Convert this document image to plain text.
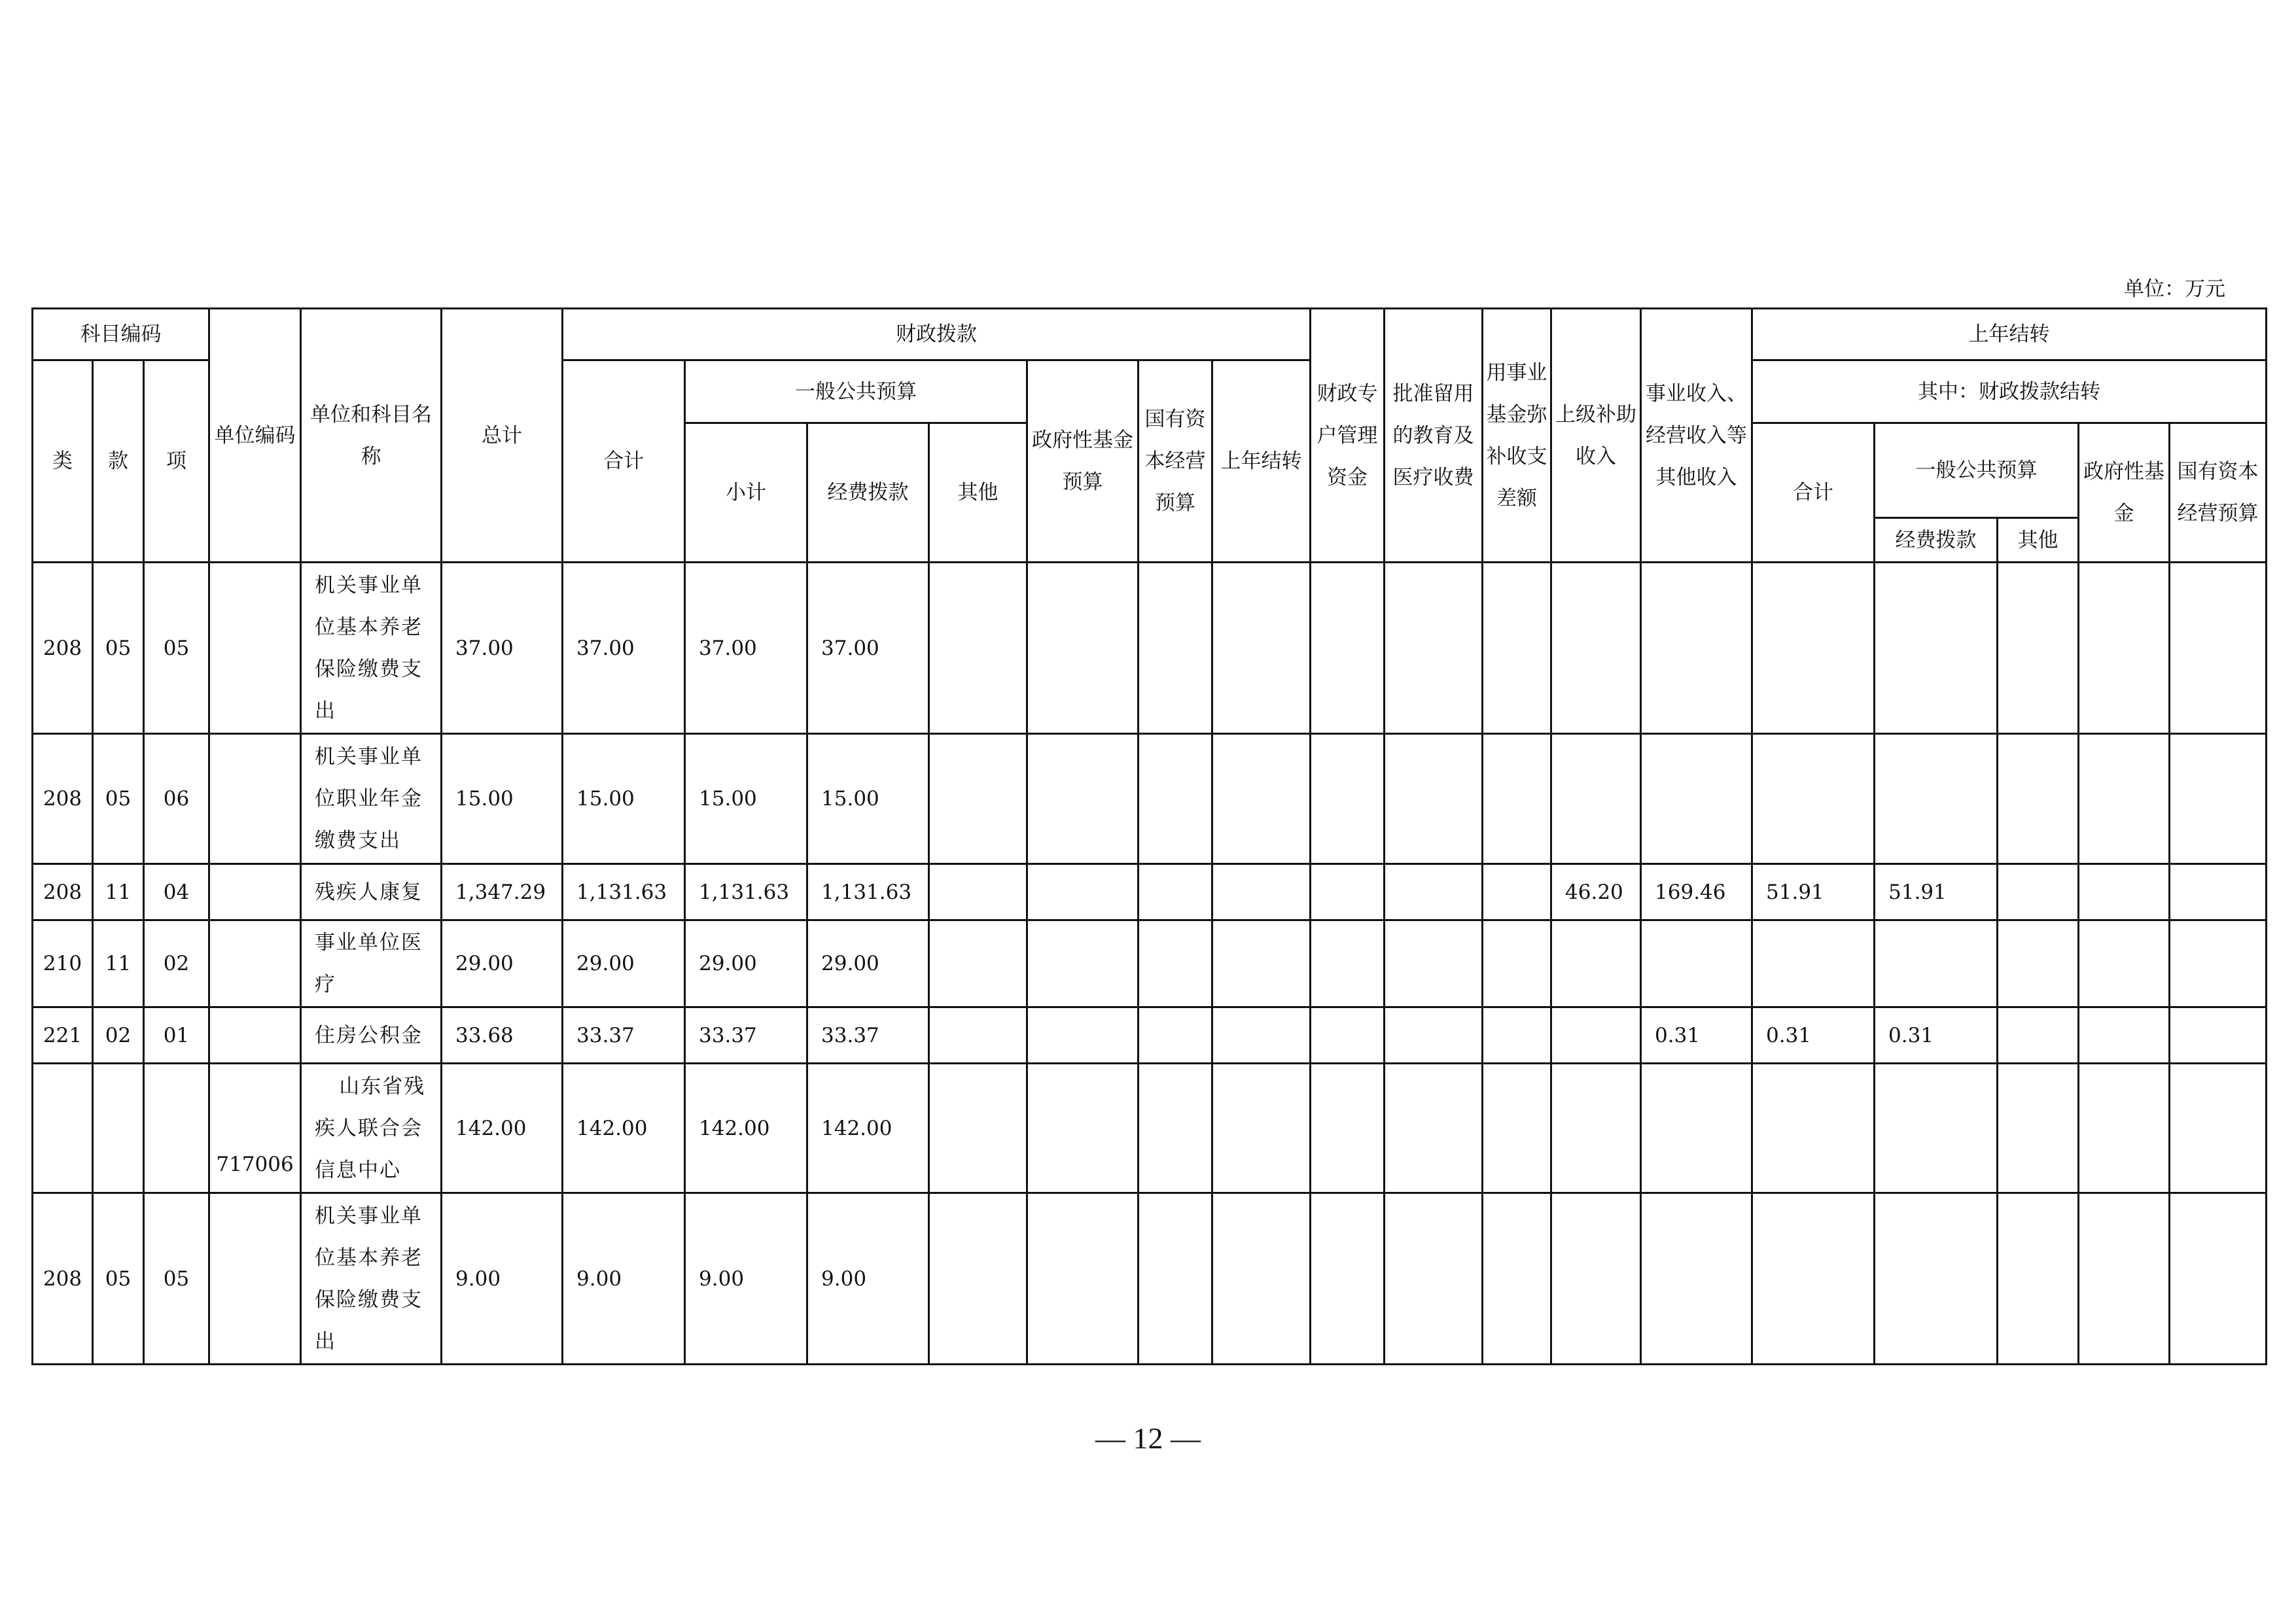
单位：万元
科目编码			单位编码	单位和科目名称	总计	财政拨款							财政专户管理资金	批准留用的教育及医疗收费	用事业基金弥补收支差额	上级补助收入	事业收入、经营收入等其他收入	上年结转				
类	款	项				合计	一般公共预算			政府性基金预算	国有资本经营预算	上年结转						其中：财政拨款结转				
							小计	经费拨款	其他									合计	一般公共预算		政府性基金	国有资本经营预算
																			经费拨款	其他		
208	05	05		机关事业单位基本养老保险缴费支出	37.00	37.00	37.00	37.00														
208	05	06		机关事业单位职业年金缴费支出	15.00	15.00	15.00	15.00														
208	11	04		残疾人康复	1,347.29	1,131.63	1,131.63	1,131.63								46.20	169.46	51.91	51.91			
210	11	02		事业单位医疗	29.00	29.00	29.00	29.00														
221	02	01		住房公积金	33.68	33.37	33.37	33.37									0.31	0.31	0.31			
			717006	山东省残疾人联合会信息中心	142.00	142.00	142.00	142.00														
208	05	05		机关事业单位基本养老保险缴费支出	9.00	9.00	9.00	9.00														
— 12 —
